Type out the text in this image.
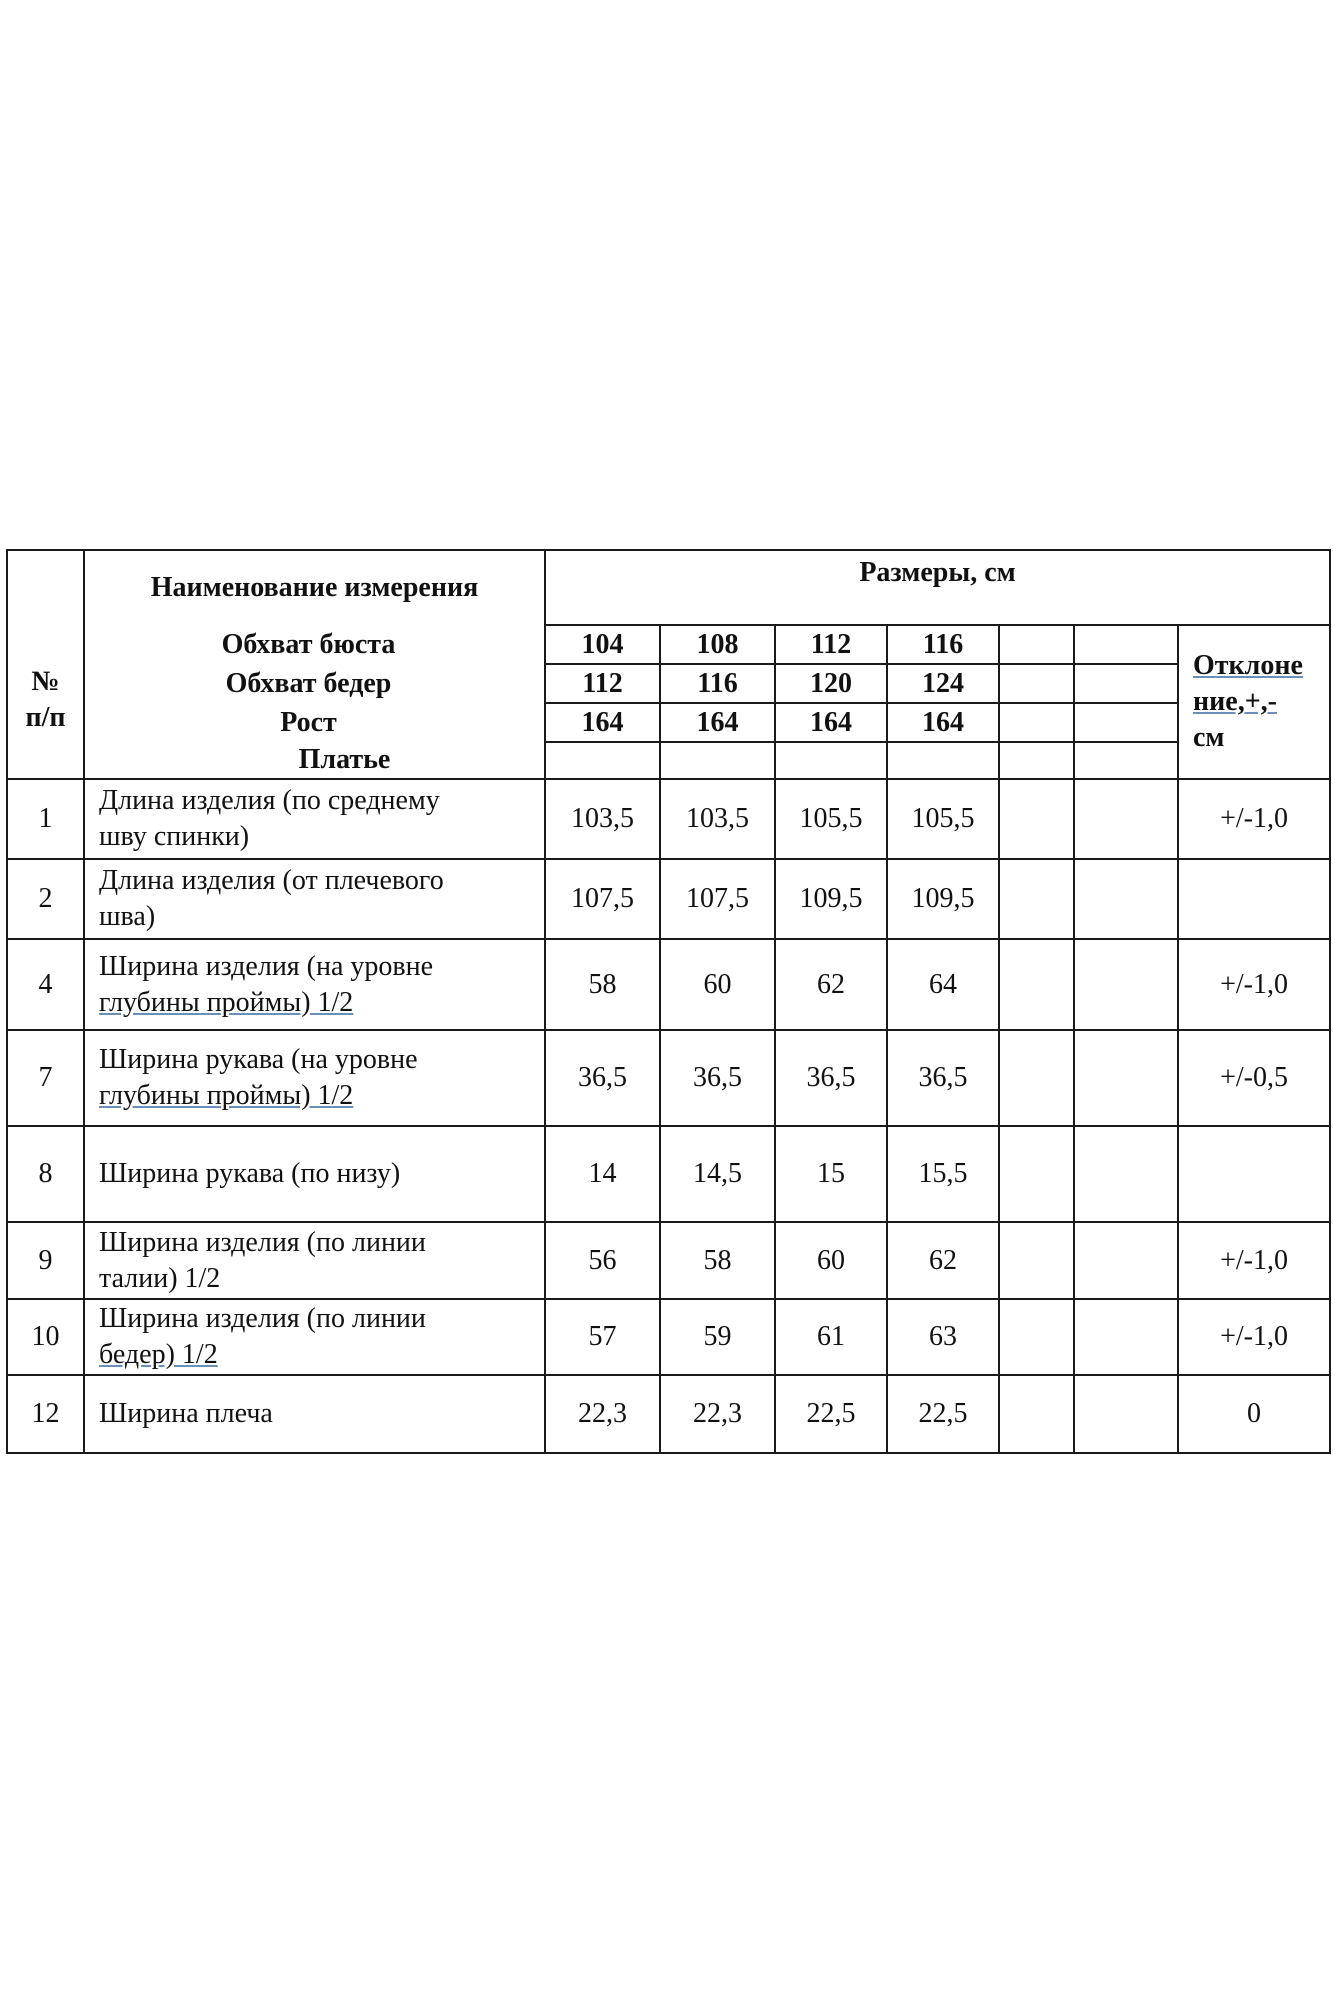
№
п/п	Наименование измерения	Размеры, см						
	Обхват бюста	104	108	112	116			Отклоне
ние,+,-
см

	Обхват бедер	112	116	120	124			
	Рост	164	164	164	164			
	Платье							
1	Длина изделия (по среднему
шву спинки)	103,5	103,5	105,5	105,5			+/-1,0
2	Длина изделия (от плечевого
шва)	107,5	107,5	109,5	109,5			
4	Ширина изделия (на уровне
глубины проймы) 1/2	58	60	62	64			+/-1,0
7	Ширина рукава (на уровне
глубины проймы) 1/2	36,5	36,5	36,5	36,5			+/-0,5
8	Ширина рукава (по низу)	14	14,5	15	15,5			
9	Ширина изделия (по линии
талии) 1/2	56	58	60	62			+/-1,0
10	Ширина изделия (по линии
бедер) 1/2	57	59	61	63			+/-1,0
12	Ширина плеча	22,3	22,3	22,5	22,5			0
